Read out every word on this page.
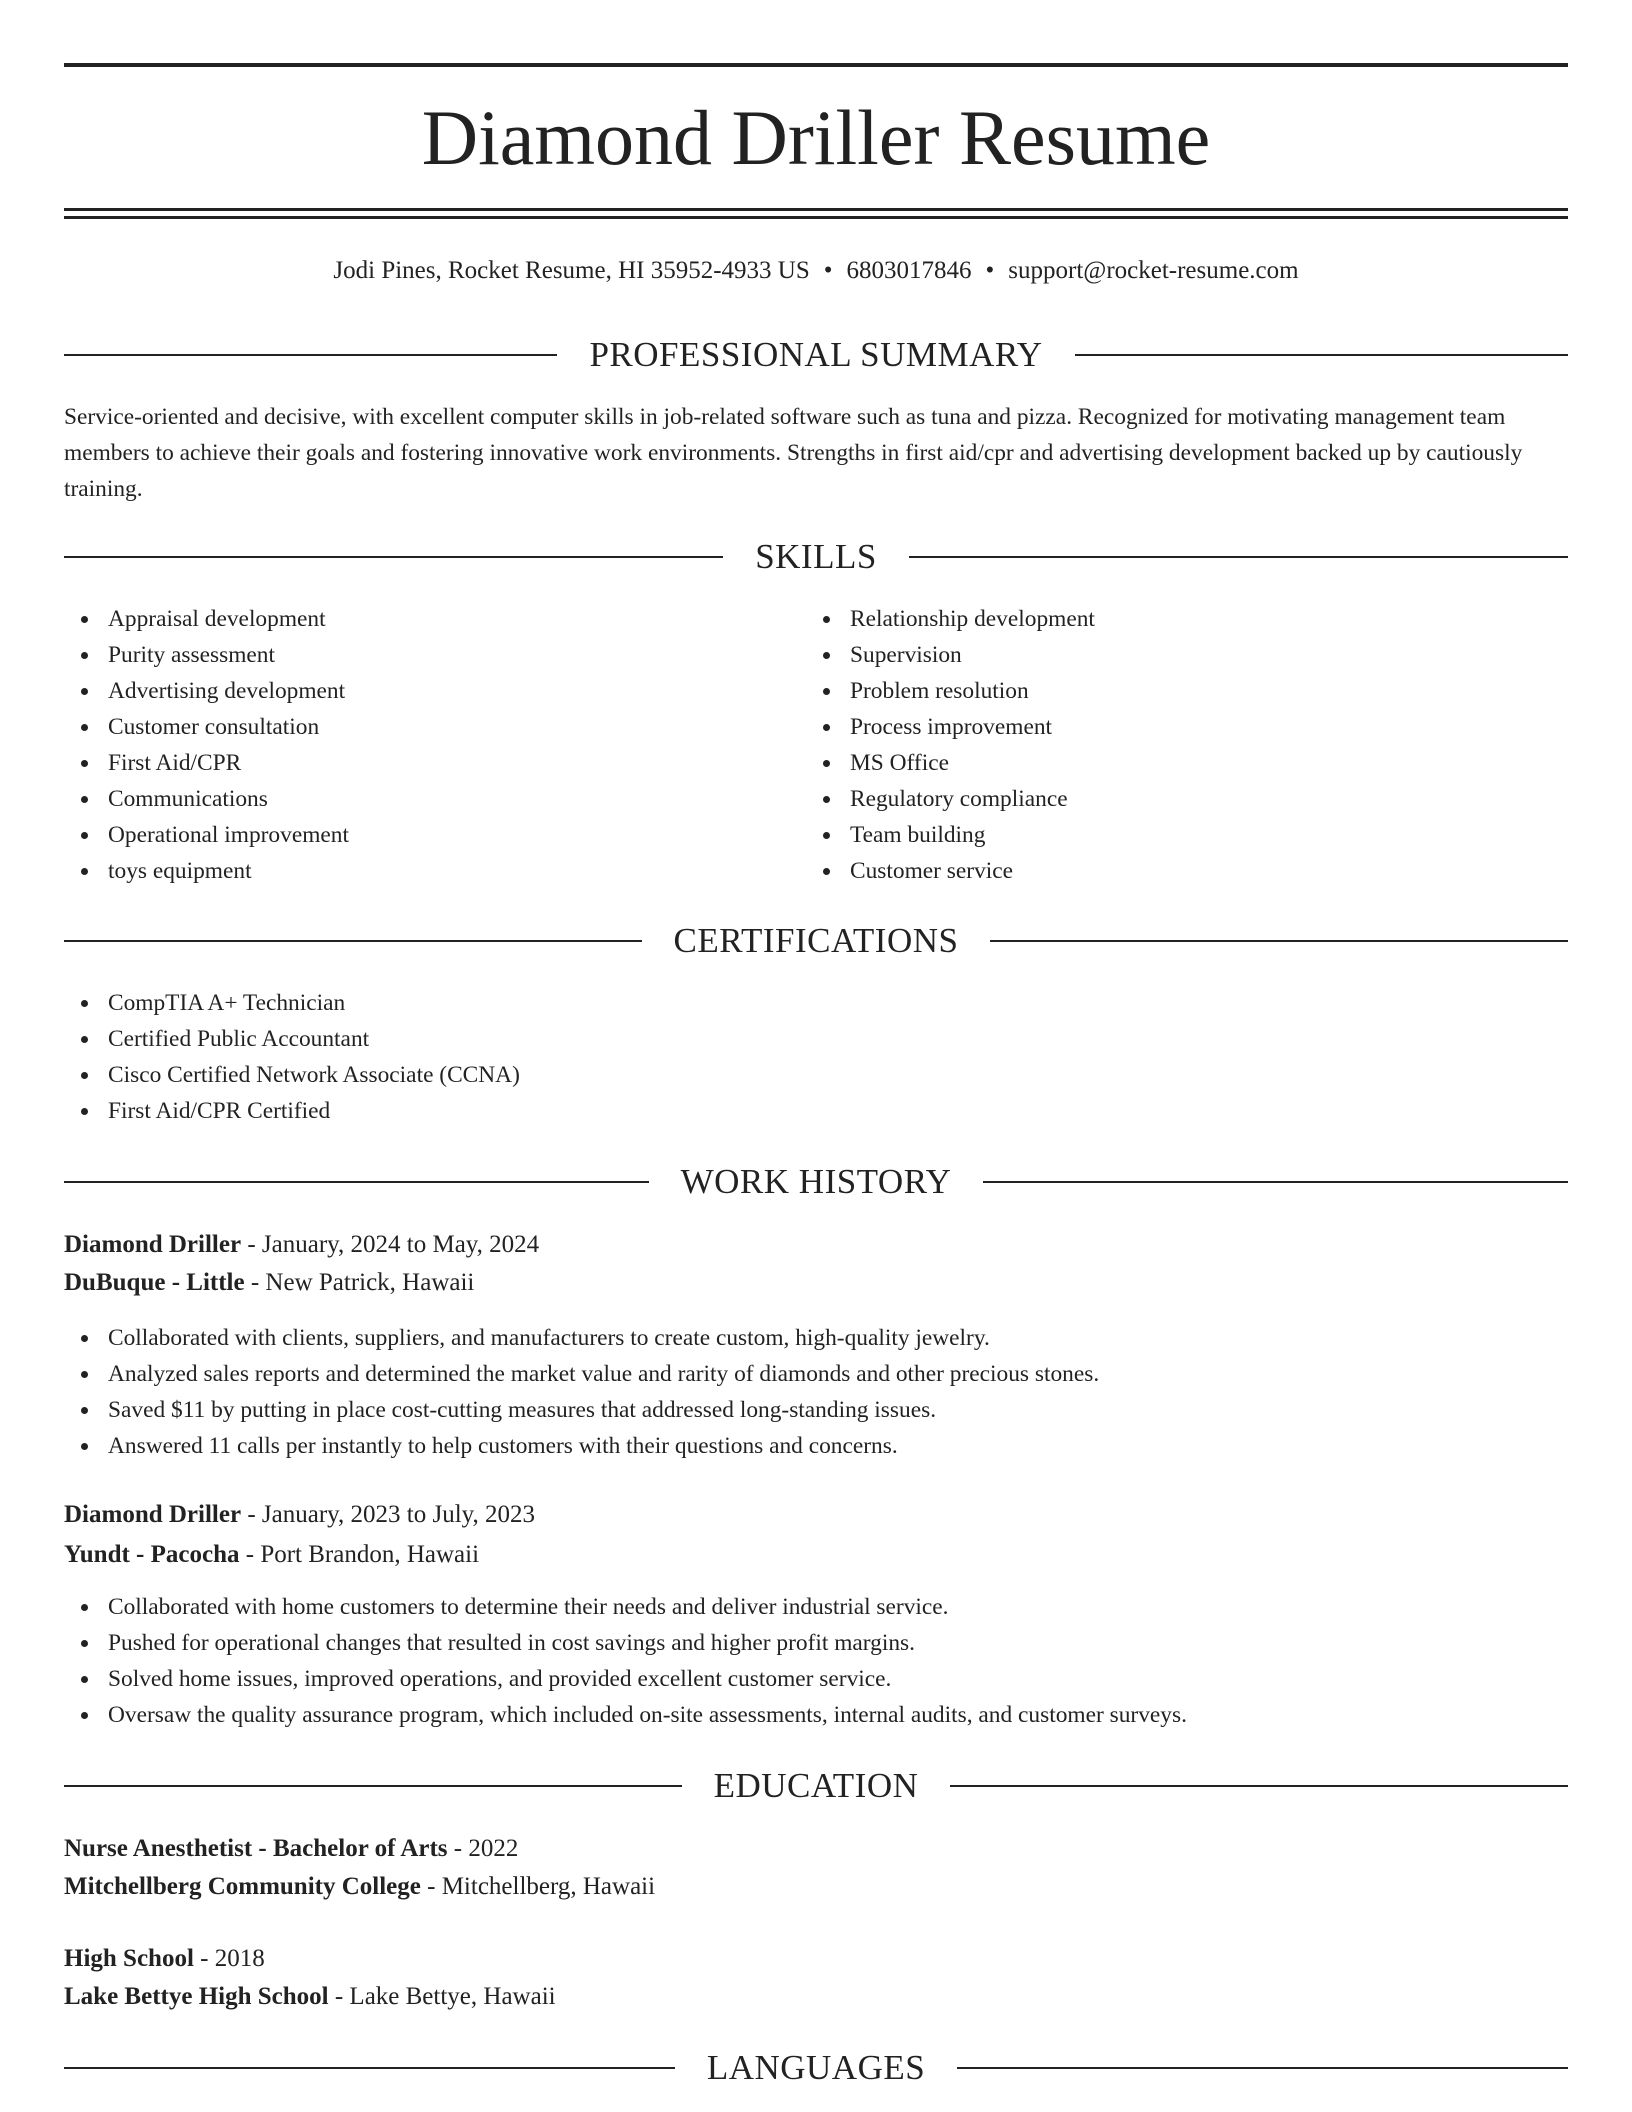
Diamond Driller Resume
Jodi Pines, Rocket Resume, HI 35952-4933 US • 6803017846 • support@rocket-resume.com
PROFESSIONAL SUMMARY

Service-oriented and decisive, with excellent computer skills in job-related software such as tuna and pizza. Recognized for motivating management team members to achieve their goals and fostering innovative work environments. Strengths in first aid/cpr and advertising development backed up by cautiously training.

SKILLS
Appraisal development
Purity assessment
Advertising development
Customer consultation
First Aid/CPR
Communications
Operational improvement
toys equipment
Relationship development
Supervision
Problem resolution
Process improvement
MS Office
Regulatory compliance
Team building
Customer service
CERTIFICATIONS
CompTIA A+ Technician
Certified Public Accountant
Cisco Certified Network Associate (CCNA)
First Aid/CPR Certified
WORK HISTORY
Diamond Driller - January, 2024 to May, 2024
DuBuque - Little - New Patrick, Hawaii
Collaborated with clients, suppliers, and manufacturers to create custom, high-quality jewelry.
Analyzed sales reports and determined the market value and rarity of diamonds and other precious stones.
Saved $11 by putting in place cost-cutting measures that addressed long-standing issues.
Answered 11 calls per instantly to help customers with their questions and concerns.
Diamond Driller - January, 2023 to July, 2023
Yundt - Pacocha - Port Brandon, Hawaii
Collaborated with home customers to determine their needs and deliver industrial service.
Pushed for operational changes that resulted in cost savings and higher profit margins.
Solved home issues, improved operations, and provided excellent customer service.
Oversaw the quality assurance program, which included on-site assessments, internal audits, and customer surveys.
EDUCATION
Nurse Anesthetist - Bachelor of Arts - 2022
Mitchellberg Community College - Mitchellberg, Hawaii
High School - 2018
Lake Bettye High School - Lake Bettye, Hawaii
LANGUAGES
